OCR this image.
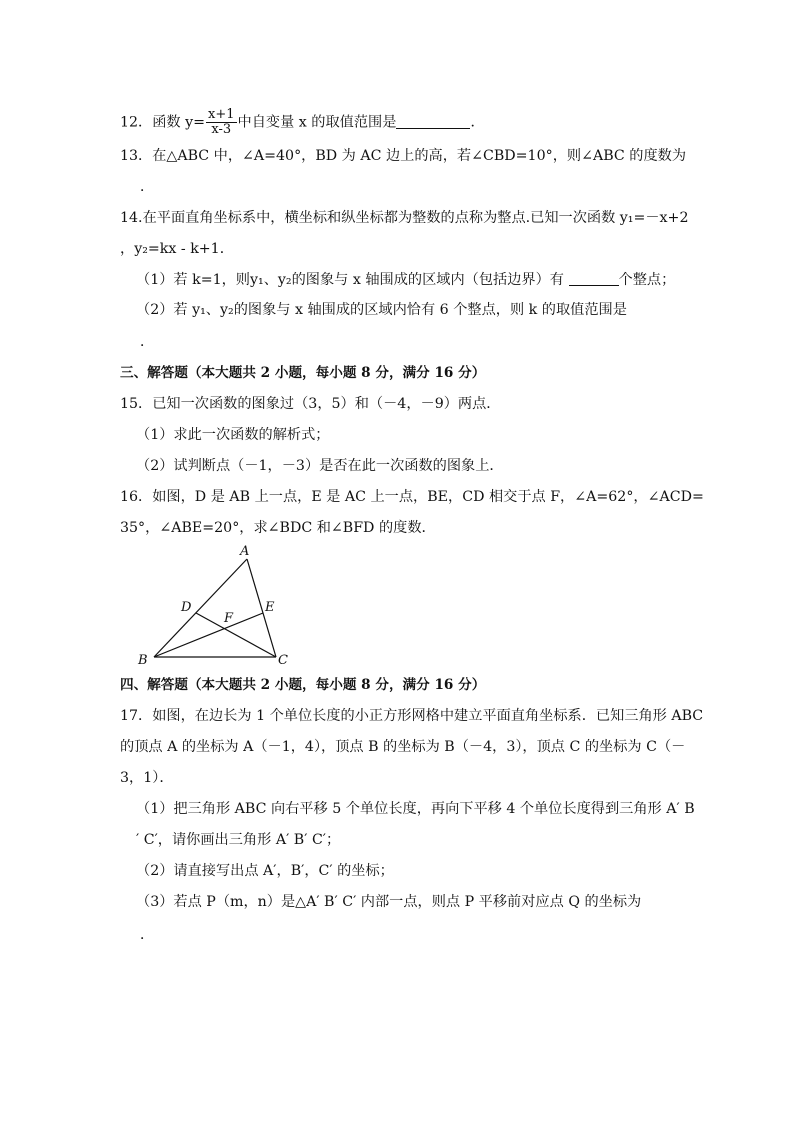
12．函数 $y= \frac{x+1}{x-3}$ 中自变量 x 的取值范围是	．
13．在△ABC 中，∠A=40°，BD 为 AC 边上的高，若∠CBD=10°，则∠ABC 的度数为
．
14.在平面直角坐标系中，横坐标和纵坐标都为整数的点称为整点.已知一次函数 y₁=－x+2
，y₂=kx - k+1．
（1）若 k=1，则y₁、y₂的图象与 x 轴围成的区域内（包括边界）有	个整点；
（2）若 y₁、y₂的图象与 x 轴围成的区域内恰有 6 个整点，则 k 的取值范围是
．
三、解答题（本大题共 2 小题，每小题 8 分，满分 16 分）
15．已知一次函数的图象过（3，5）和（－4，－9）两点．
（1）求此一次函数的解析式；
（2）试判断点（－1，－3）是否在此一次函数的图象上．
16．如图，D 是 AB 上一点，E 是 AC 上一点，BE，CD 相交于点 F，∠A=62°，∠ACD=
35°，∠ABE=20°，求∠BDC 和∠BFD 的度数．
A
B	C
D	E
F
四、解答题（本大题共 2 小题，每小题 8 分，满分 16 分）
17．如图，在边长为 1 个单位长度的小正方形网格中建立平面直角坐标系．已知三角形 ABC
的顶点 A 的坐标为 A（－1，4），顶点 B 的坐标为 B（－4，3），顶点 C 的坐标为 C（－
3，1）．
（1）把三角形 ABC 向右平移 5 个单位长度，再向下平移 4 个单位长度得到三角形 A′ B
′ C′，请你画出三角形 A′ B′ C′；
（2）请直接写出点 A′，B′，C′ 的坐标；
（3）若点 P（m，n）是△A′ B′ C′ 内部一点，则点 P 平移前对应点 Q 的坐标为
．
